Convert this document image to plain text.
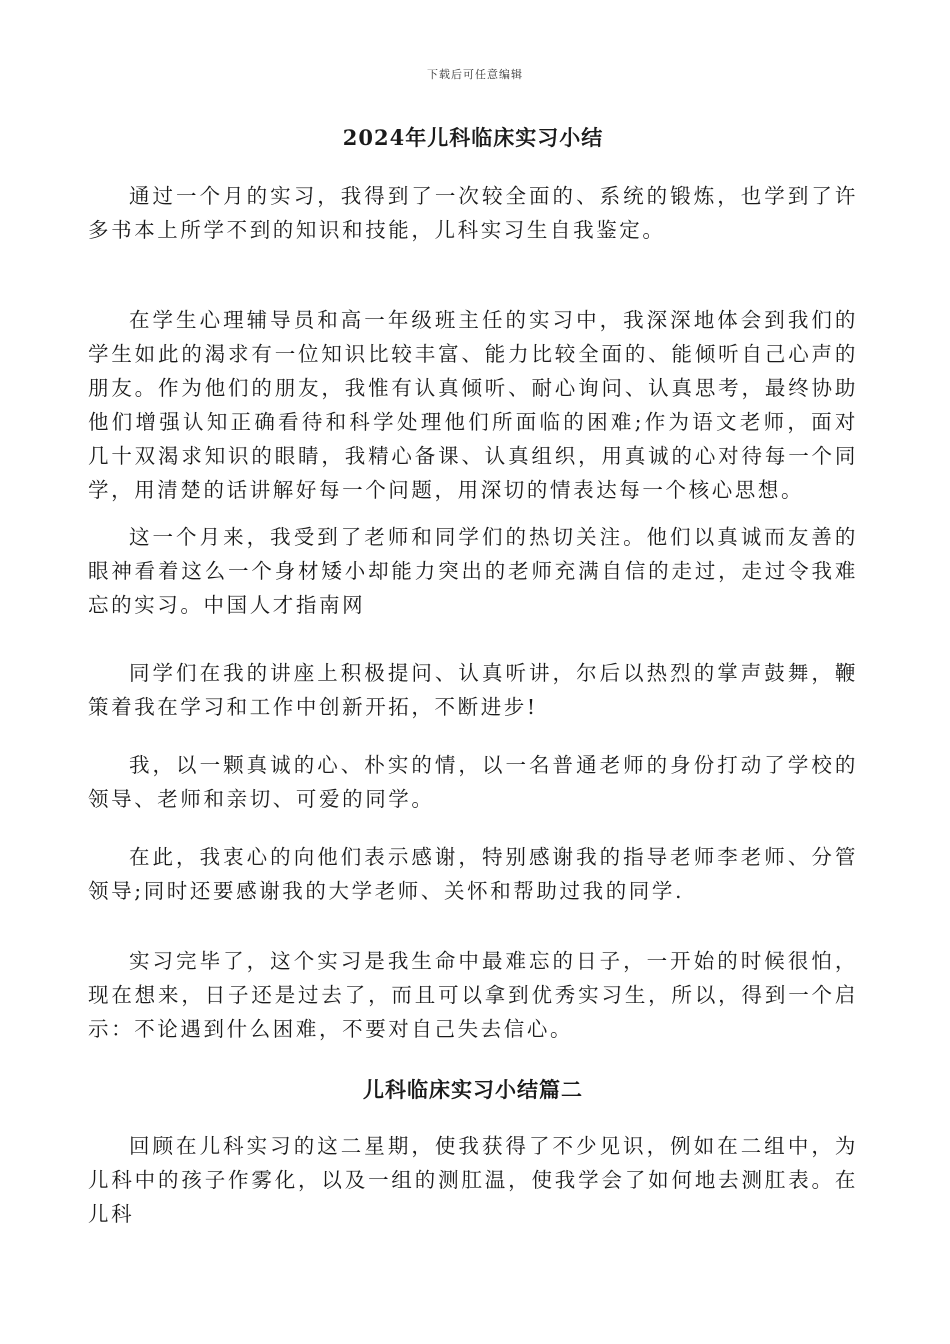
下载后可任意编辑
2024年儿科临床实习小结

通过一个月的实习，我得到了一次较全面的、系统的锻炼，也学到了许多书本上所学不到的知识和技能，儿科实习生自我鉴定。

在学生心理辅导员和高一年级班主任的实习中，我深深地体会到我们的学生如此的渴求有一位知识比较丰富、能力比较全面的、能倾听自己心声的朋友。作为他们的朋友，我惟有认真倾听、耐心询问、认真思考，最终协助他们增强认知正确看待和科学处理他们所面临的困难;作为语文老师，面对几十双渴求知识的眼睛，我精心备课、认真组织，用真诚的心对待每一个同学，用清楚的话讲解好每一个问题，用深切的情表达每一个核心思想。

这一个月来，我受到了老师和同学们的热切关注。他们以真诚而友善的眼神看着这么一个身材矮小却能力突出的老师充满自信的走过，走过令我难忘的实习。中国人才指南网

同学们在我的讲座上积极提问、认真听讲，尔后以热烈的掌声鼓舞，鞭策着我在学习和工作中创新开拓，不断进步!

我，以一颗真诚的心、朴实的情，以一名普通老师的身份打动了学校的领导、老师和亲切、可爱的同学。

在此，我衷心的向他们表示感谢，特别感谢我的指导老师李老师、分管领导;同时还要感谢我的大学老师、关怀和帮助过我的同学.

实习完毕了，这个实习是我生命中最难忘的日子，一开始的时候很怕，现在想来，日子还是过去了，而且可以拿到优秀实习生，所以，得到一个启示：不论遇到什么困难，不要对自己失去信心。

儿科临床实习小结篇二

回顾在儿科实习的这二星期，使我获得了不少见识，例如在二组中，为儿科中的孩子作雾化，以及一组的测肛温，使我学会了如何地去测肛表。在儿科
